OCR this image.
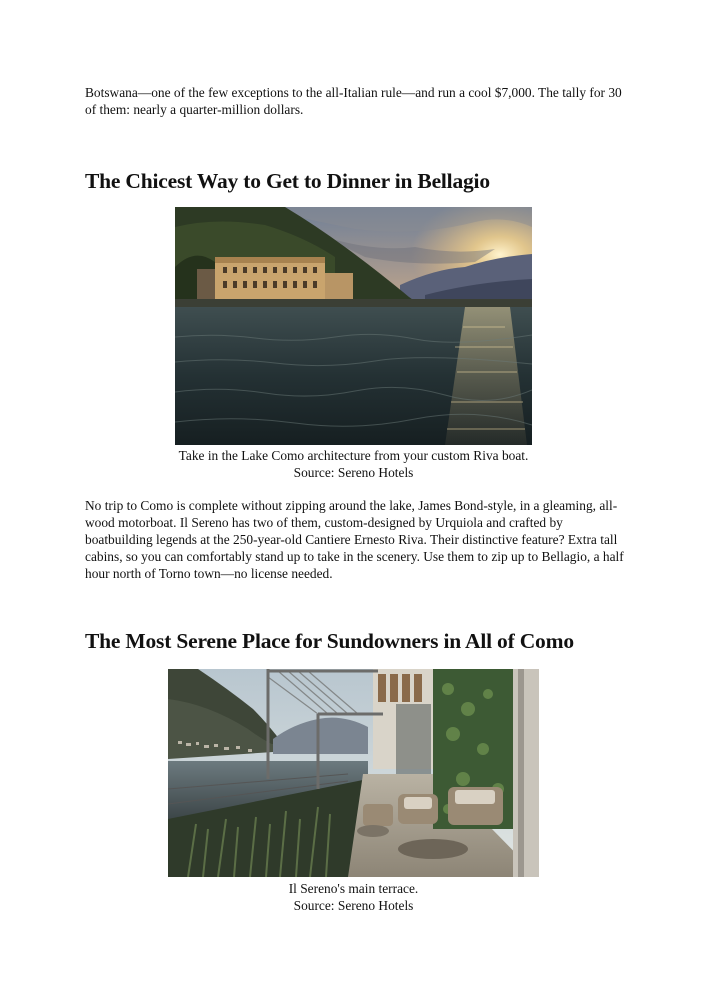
Botswana—one of the few exceptions to the all-Italian rule—and run a cool $7,000. The tally for 30 of them: nearly a quarter-million dollars.

The Chicest Way to Get to Dinner in Bellagio

Take in the Lake Como architecture from your custom Riva boat.

Source: Sereno Hotels

No trip to Como is complete without zipping around the lake, James Bond-style, in a gleaming, all-wood motorboat. Il Sereno has two of them, custom-designed by Urquiola and crafted by boatbuilding legends at the 250-year-old Cantiere Ernesto Riva. Their distinctive feature? Extra tall cabins, so you can comfortably stand up to take in the scenery. Use them to zip up to Bellagio, a half hour north of Torno town—no license needed.

The Most Serene Place for Sundowners in All of Como

Il Sereno's main terrace.

Source: Sereno Hotels
